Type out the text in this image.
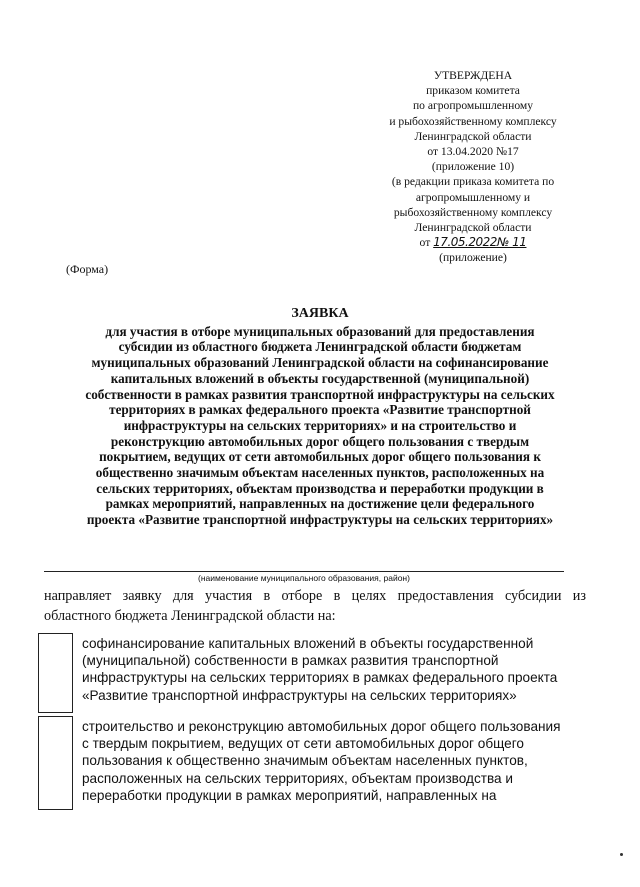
УТВЕРЖДЕНА
приказом комитета
по агропромышленному
и рыбохозяйственному комплексу
Ленинградской области
от 13.04.2020 №17
(приложение 10)
(в редакции приказа комитета по
агропромышленному и
рыбохозяйственному комплексу
Ленинградской области
от 17.05.2022№ 11
(приложение)
(Форма)
ЗАЯВКА
для участия в отборе муниципальных образований для предоставления
субсидии из областного бюджета Ленинградской области бюджетам
муниципальных образований Ленинградской области на софинансирование
капитальных вложений в объекты государственной (муниципальной)
собственности в рамках развития транспортной инфраструктуры на сельских
территориях в рамках федерального проекта «Развитие транспортной
инфраструктуры на сельских территориях» и на строительство и
реконструкцию автомобильных дорог общего пользования с твердым
покрытием, ведущих от сети автомобильных дорог общего пользования к
общественно значимым объектам населенных пунктов, расположенных на
сельских территориях, объектам производства и переработки продукции в
рамках мероприятий, направленных на достижение цели федерального
проекта «Развитие транспортной инфраструктуры на сельских территориях»
(наименование муниципального образования, район)
направляет заявку для участия в отборе в целях предоставления субсидии из
областного бюджета Ленинградской области на:
софинансирование капитальных вложений в объекты государственной
(муниципальной) собственности в рамках развития транспортной
инфраструктуры на сельских территориях в рамках федерального проекта
«Развитие транспортной инфраструктуры на сельских территориях»
строительство и реконструкцию автомобильных дорог общего пользования
с твердым покрытием, ведущих от сети автомобильных дорог общего
пользования к общественно значимым объектам населенных пунктов,
расположенных на сельских территориях, объектам производства и
переработки продукции в рамках мероприятий, направленных на
